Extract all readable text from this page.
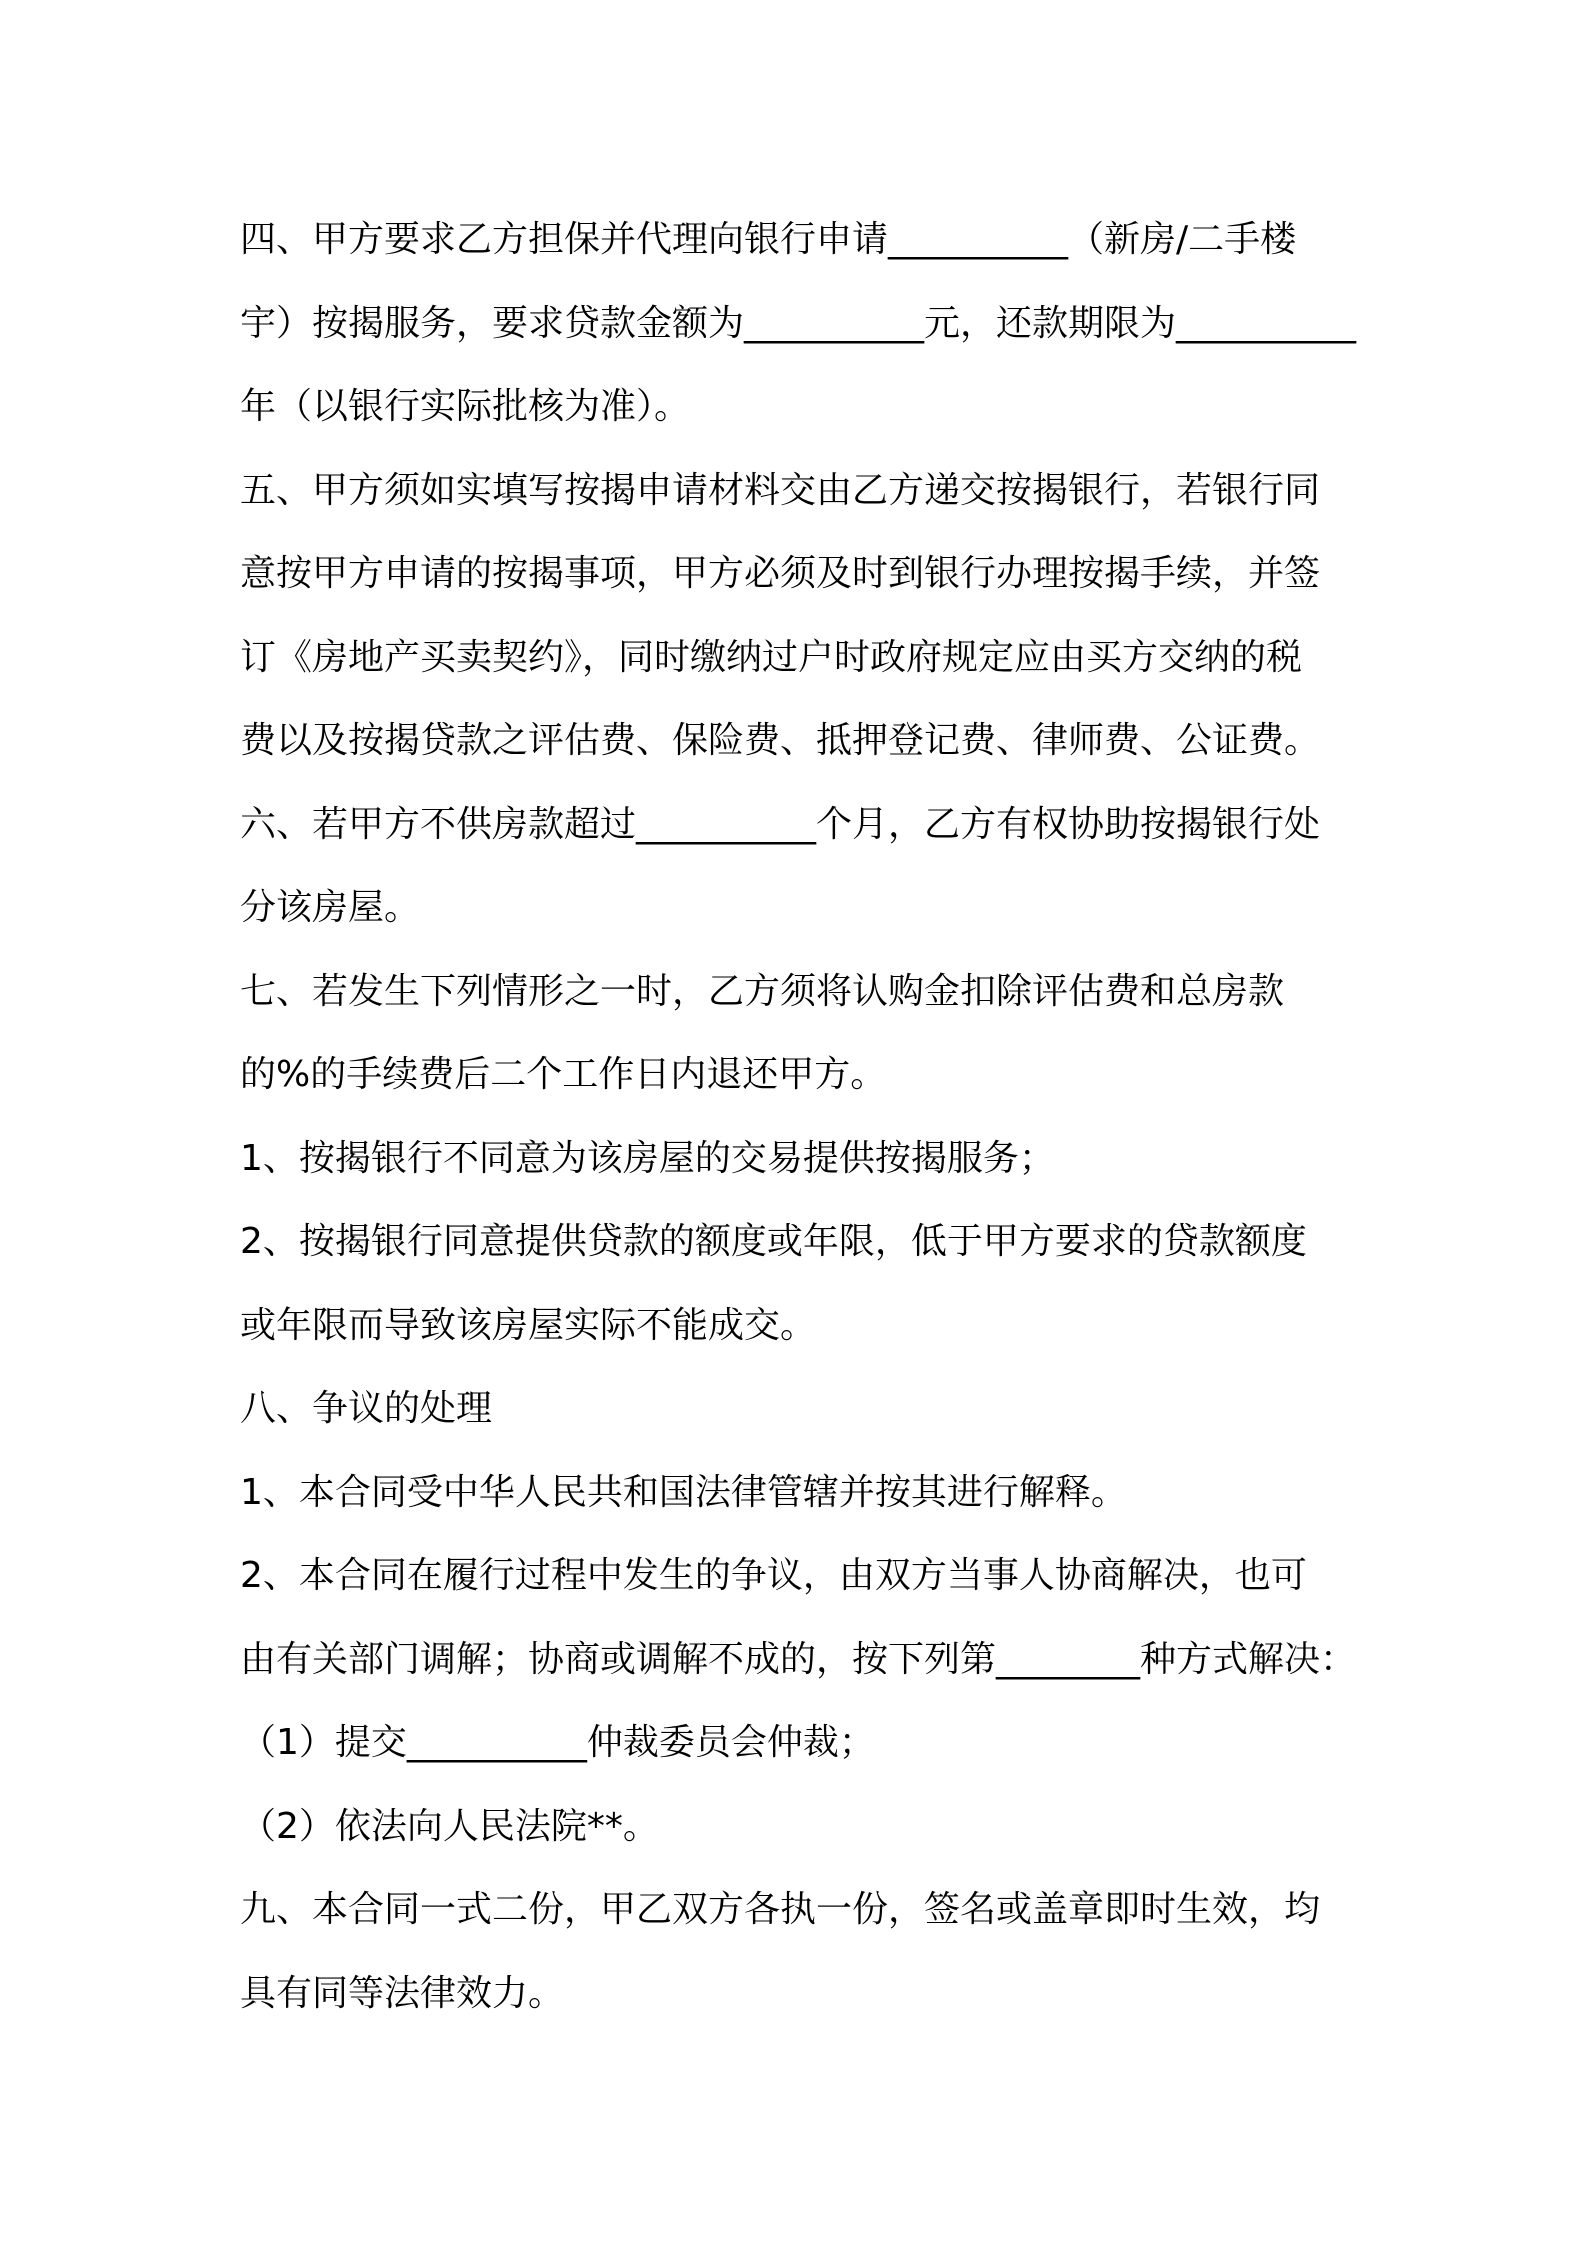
四、甲方要求乙方担保并代理向银行申请__________（新房/二手楼
宇）按揭服务，要求贷款金额为__________元，还款期限为__________
年（以银行实际批核为准）。
五、甲方须如实填写按揭申请材料交由乙方递交按揭银行，若银行同
意按甲方申请的按揭事项，甲方必须及时到银行办理按揭手续，并签
订《房地产买卖契约》，同时缴纳过户时政府规定应由买方交纳的税
费以及按揭贷款之评估费、保险费、抵押登记费、律师费、公证费。
六、若甲方不供房款超过__________个月，乙方有权协助按揭银行处
分该房屋。
七、若发生下列情形之一时，乙方须将认购金扣除评估费和总房款
的%的手续费后二个工作日内退还甲方。
1、按揭银行不同意为该房屋的交易提供按揭服务；
2、按揭银行同意提供贷款的额度或年限，低于甲方要求的贷款额度
或年限而导致该房屋实际不能成交。
八、争议的处理
1、本合同受中华人民共和国法律管辖并按其进行解释。
2、本合同在履行过程中发生的争议，由双方当事人协商解决，也可
由有关部门调解；协商或调解不成的，按下列第________种方式解决：
（1）提交__________仲裁委员会仲裁；
（2）依法向人民法院**。
九、本合同一式二份，甲乙双方各执一份，签名或盖章即时生效，均
具有同等法律效力。
